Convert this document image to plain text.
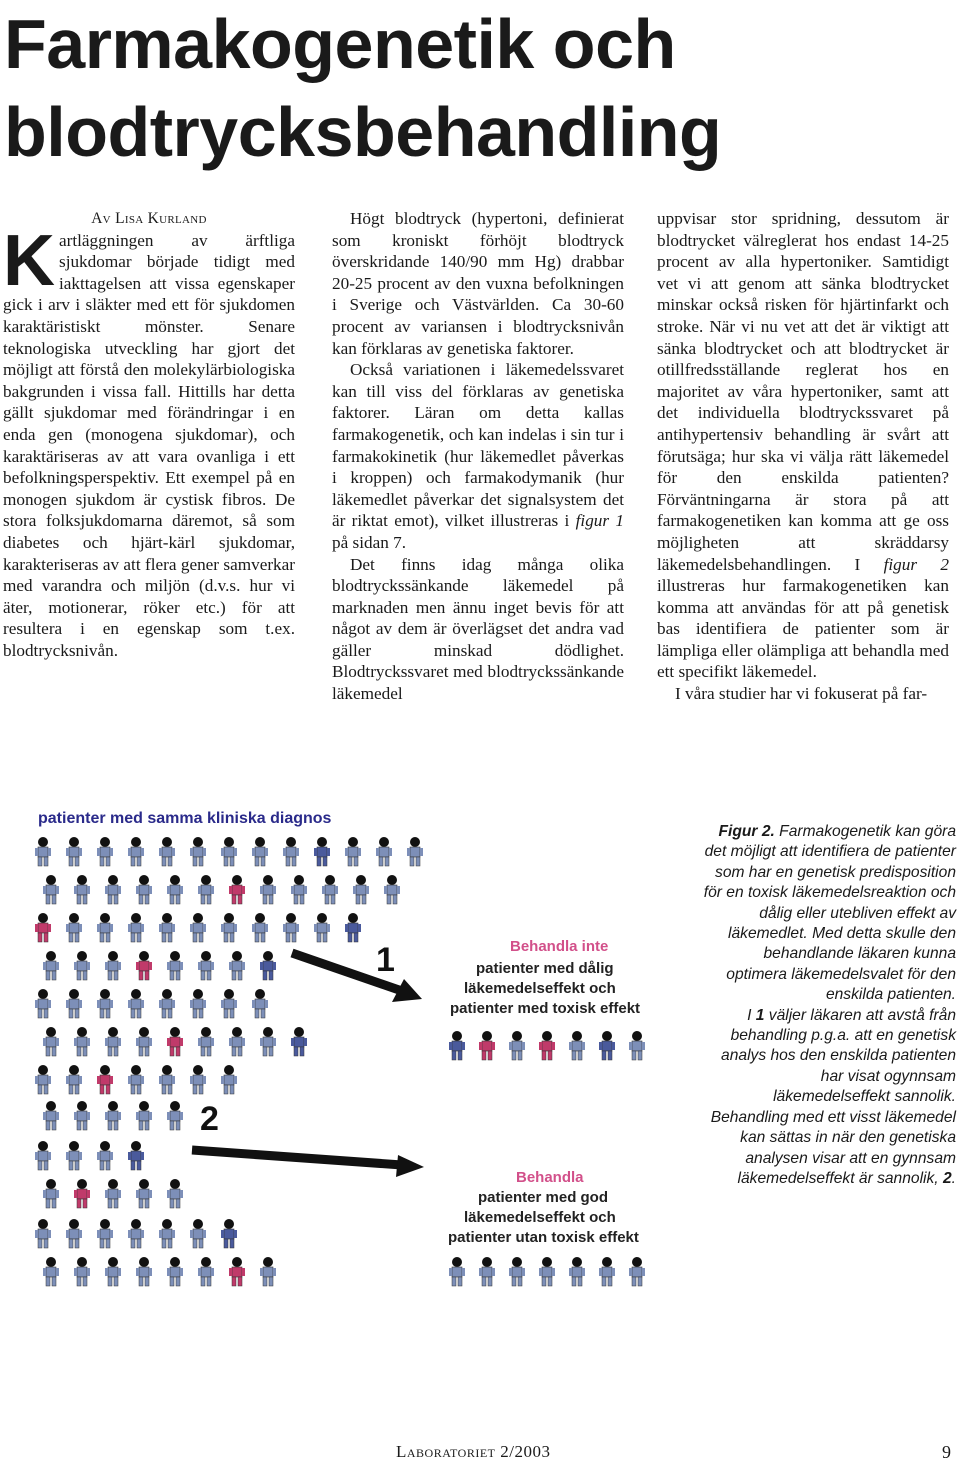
Farmakogenetik och
blodtrycksbehandling

Av Lisa Kurland

Kartläggningen av ärftliga sjukdomar började tidigt med iakttagelsen att vissa egenskaper gick i arv i släkter med ett för sjukdomen karaktäristiskt mönster. Senare teknologiska utveckling har gjort det möjligt att förstå den molekylärbiologiska bakgrunden i vissa fall. Hittills har detta gällt sjukdomar med förändringar i en enda gen (monogena sjukdomar), och karaktäriseras av att vara ovanliga i ett befolkningsperspektiv. Ett exempel på en monogen sjukdom är cystisk fibros. De stora folksjukdomarna däremot, så som diabetes och hjärt-kärl sjukdomar, karakteriseras av att flera gener samverkar med varandra och miljön (d.v.s. hur vi äter, motionerar, röker etc.) för att resultera i en egenskap som t.ex. blodtrycksnivån.

Högt blodtryck (hypertoni, definierat som kroniskt förhöjt blodtryck överskridande 140/90 mm Hg) drabbar 20-25 procent av den vuxna befolkningen i Sverige och Västvärlden. Ca 30-60 procent av variansen i blodtrycksnivån kan förklaras av genetiska faktorer.

Också variationen i läkemedelssvaret kan till viss del förklaras av genetiska faktorer. Läran om detta kallas farmakogenetik, och kan indelas i sin tur i farmakokinetik (hur läkemedlet påverkas i kroppen) och farmakodymanik (hur läkemedlet påverkar det signalsystem det är riktat emot), vilket illustreras i figur 1 på sidan 7.

Det finns idag många olika blodtryckssänkande läkemedel på marknaden men ännu inget bevis för att något av dem är överlägset det andra vad gäller minskad dödlighet. Blodtryckssvaret med blodtryckssänkande läkemedel

uppvisar stor spridning, dessutom är blodtrycket välreglerat hos endast 14-25 procent av alla hypertoniker. Samtidigt vet vi att genom att sänka blodtrycket minskar också risken för hjärtinfarkt och stroke. När vi nu vet att det är viktigt att sänka blodtrycket och att blodtrycket är otillfredsställande reglerat hos en majoritet av våra hypertoniker, samt att det individuella blodtryckssvaret på antihypertensiv behandling är svårt att förutsäga; hur ska vi välja rätt läkemedel för den enskilda patienten? Förväntningarna är stora på att farmakogenetiken kan komma att ge oss möjligheten att skräddarsy läkemedelsbehandlingen. I figur 2 illustreras hur farmakogenetiken kan komma att användas för att på genetisk bas identifiera de patienter som är lämpliga eller olämpliga att behandla med ett specifikt läkemedel.

I våra studier har vi fokuserat på far-

patienter med samma kliniska diagnos
1
2
Behandla inte
patienter med dålig
läkemedelseffekt och
patienter med toxisk effekt
Behandla
patienter med god
läkemedelseffekt och
patienter utan toxisk effekt

Figur 2. Farmakogenetik kan göra det möjligt att identifiera de patienter som har en genetisk predisposition för en toxisk läkemedelsreaktion och dålig eller utebliven effekt av läkemedlet. Med detta skulle den behandlande läkaren kunna optimera läkemedelsvalet för den enskilda patienten.

I 1 väljer läkaren att avstå från behandling p.g.a. att en genetisk analys hos den enskilda patienten har visat ogynnsam läkemedelseffekt sannolik. Behandling med ett visst läkemedel kan sättas in när den genetiska analysen visar att en gynnsam läkemedelseffekt är sannolik, 2.

Laboratoriet 2/2003	9
